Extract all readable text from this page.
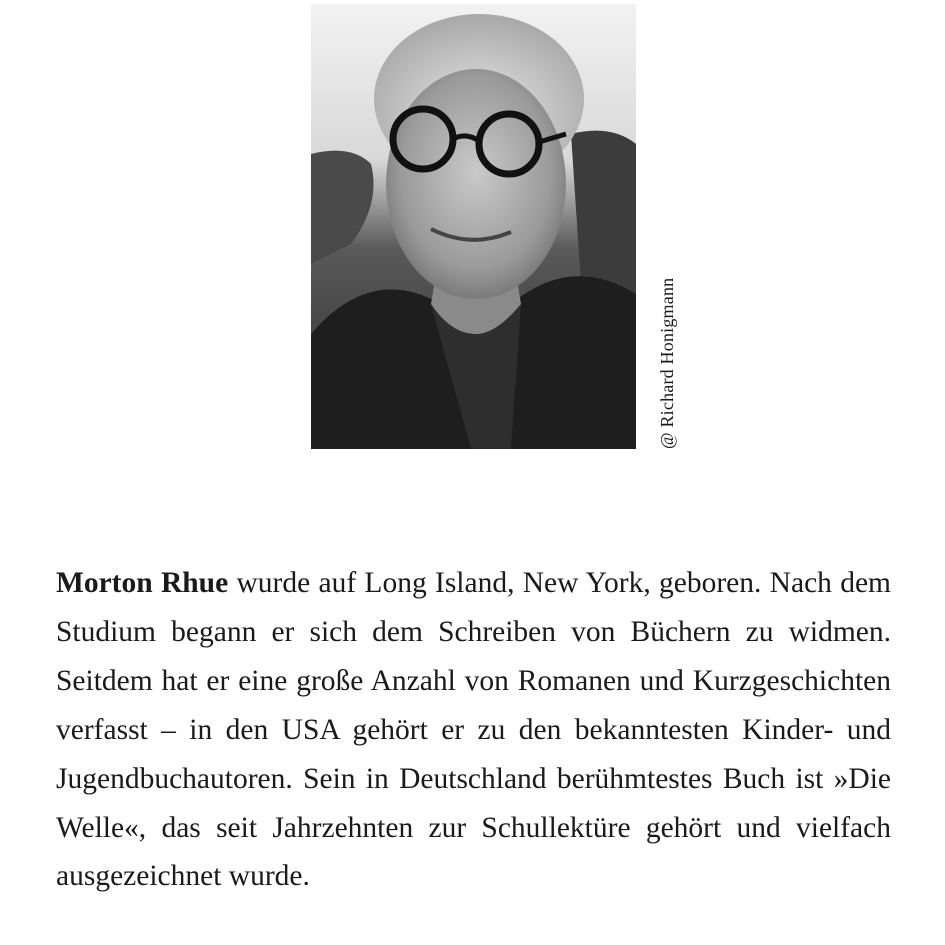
@ Richard Honigmann

Morton Rhue wurde auf Long Island, New York, geboren. Nach dem Studium begann er sich dem Schreiben von Büchern zu widmen. Seitdem hat er eine große Anzahl von Romanen und Kurzgeschichten verfasst – in den USA gehört er zu den bekanntesten Kinder- und Jugendbuchautoren. Sein in Deutschland berühmtestes Buch ist »Die Welle«, das seit Jahrzehnten zur Schullektüre gehört und vielfach ausgezeichnet wurde.
